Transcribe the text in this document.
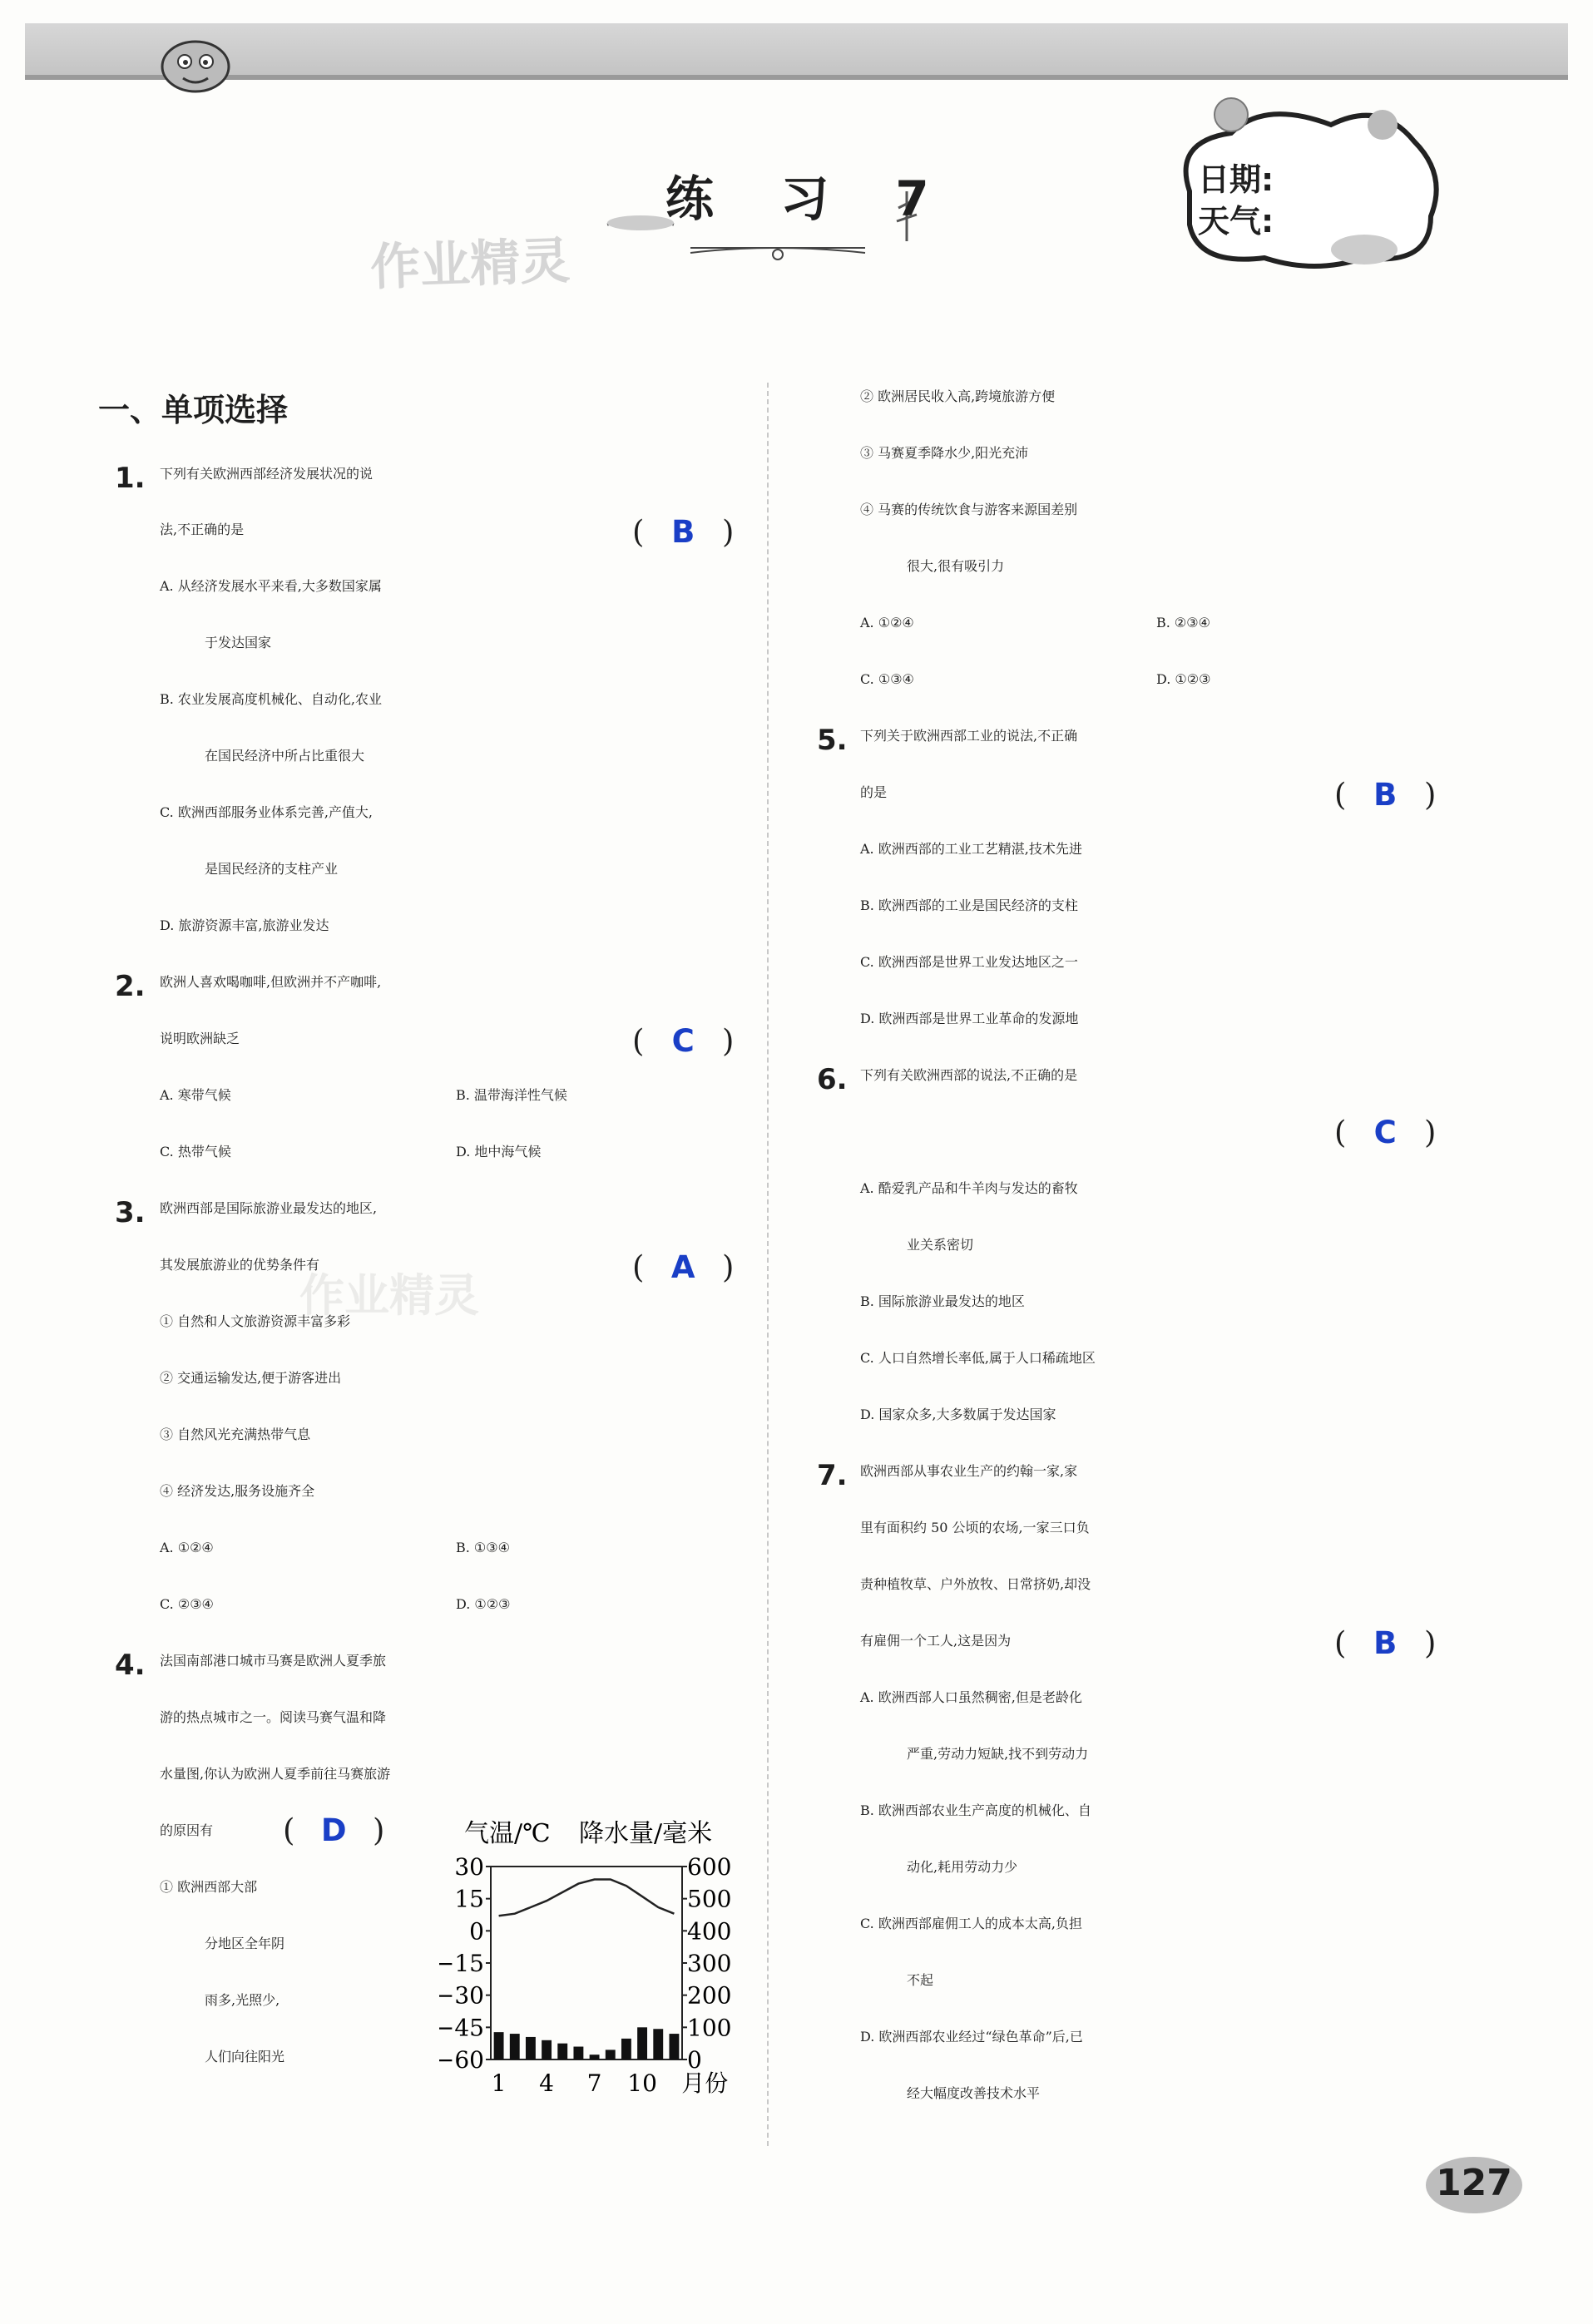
练 习 7
作业精灵
作业精灵
日期:
天气:
一、单项选择
1. 下列有关欧洲西部经济发展状况的说
法,不正确的是	( B )
A. 从经济发展水平来看,大多数国家属
于发达国家
B. 农业发展高度机械化、自动化,农业
在国民经济中所占比重很大
C. 欧洲西部服务业体系完善,产值大,
是国民经济的支柱产业
D. 旅游资源丰富,旅游业发达
2. 欧洲人喜欢喝咖啡,但欧洲并不产咖啡,
说明欧洲缺乏	( C )
A. 寒带气候	B. 温带海洋性气候
C. 热带气候	D. 地中海气候
3. 欧洲西部是国际旅游业最发达的地区,
其发展旅游业的优势条件有	( A )
① 自然和人文旅游资源丰富多彩
② 交通运输发达,便于游客进出
③ 自然风光充满热带气息
④ 经济发达,服务设施齐全
A. ①②④	B. ①③④
C. ②③④	D. ①②③
4. 法国南部港口城市马赛是欧洲人夏季旅
游的热点城市之一。阅读马赛气温和降
水量图,你认为欧洲人夏季前往马赛旅游
的原因有 ( D )
① 欧洲西部大部
分地区全年阴
雨多,光照少,
人们向往阳光
气温/℃ 降水量/毫米
30
15
0
−15
−30
−45
−60
600
500
400
300
200
100
0
1 4 7 10 月份
② 欧洲居民收入高,跨境旅游方便
③ 马赛夏季降水少,阳光充沛
④ 马赛的传统饮食与游客来源国差别
很大,很有吸引力
A. ①②④	B. ②③④
C. ①③④	D. ①②③
5. 下列关于欧洲西部工业的说法,不正确
的是	( B )
A. 欧洲西部的工业工艺精湛,技术先进
B. 欧洲西部的工业是国民经济的支柱
C. 欧洲西部是世界工业发达地区之一
D. 欧洲西部是世界工业革命的发源地
6. 下列有关欧洲西部的说法,不正确的是
( C )
A. 酷爱乳产品和牛羊肉与发达的畜牧
业关系密切
B. 国际旅游业最发达的地区
C. 人口自然增长率低,属于人口稀疏地区
D. 国家众多,大多数属于发达国家
7. 欧洲西部从事农业生产的约翰一家,家
里有面积约 50 公顷的农场,一家三口负
责种植牧草、户外放牧、日常挤奶,却没
有雇佣一个工人,这是因为	( B )
A. 欧洲西部人口虽然稠密,但是老龄化
严重,劳动力短缺,找不到劳动力
B. 欧洲西部农业生产高度的机械化、自
动化,耗用劳动力少
C. 欧洲西部雇佣工人的成本太高,负担
不起
D. 欧洲西部农业经过“绿色革命”后,已
经大幅度改善技术水平
127
